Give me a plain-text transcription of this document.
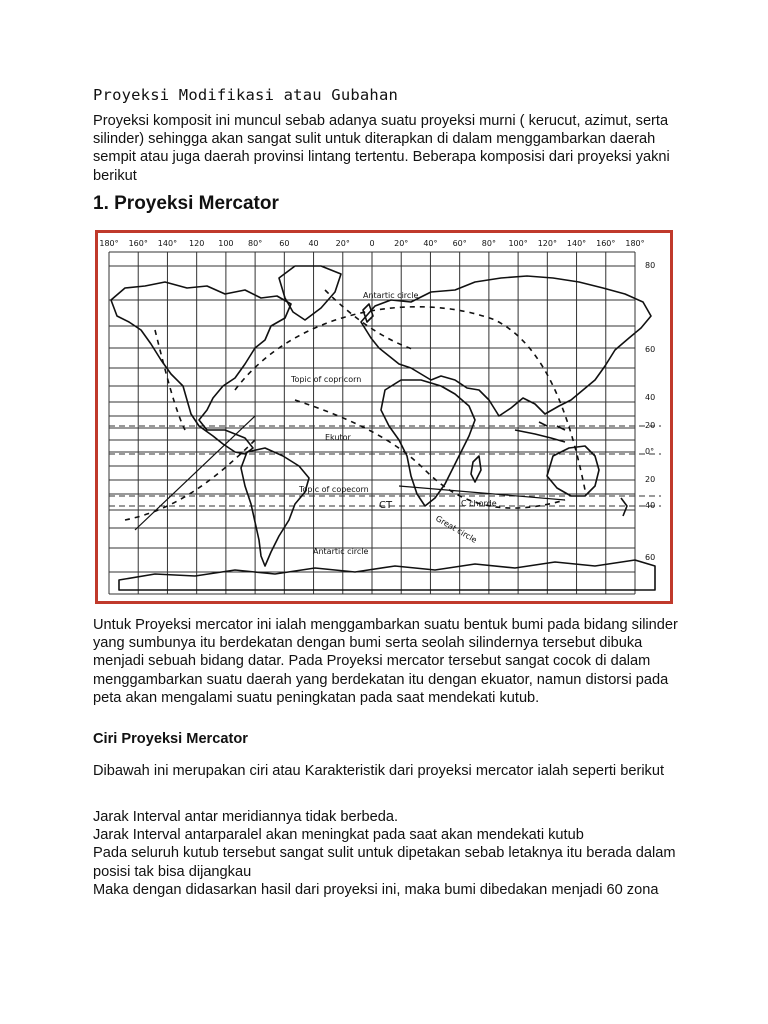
Proyeksi Modifikasi atau Gubahan

Proyeksi komposit ini muncul sebab adanya suatu proyeksi murni ( kerucut, azimut, serta silinder) sehingga akan sangat sulit untuk diterapkan di dalam menggambarkan daerah sempit atau juga daerah provinsi lintang tertentu. Beberapa komposisi dari proyeksi yakni berikut

1. Proyeksi Mercator
180° 160° 140° 120 100 80° 60 40 20° 0 20° 40° 60° 80° 100° 120° 140° 160° 180°
80
60
40
20
0°
20
40
60
Antartic circle
Topic of copricorn
Ekutor
Topic of copecorn
CT	C chorde
Great circle
Antartic circle

Untuk Proyeksi mercator ini ialah menggambarkan suatu bentuk bumi pada bidang silinder yang sumbunya itu berdekatan dengan bumi serta seolah silindernya tersebut dibuka menjadi sebuah bidang datar. Pada Proyeksi mercator tersebut sangat cocok di dalam menggambarkan suatu daerah yang berdekatan itu dengan ekuator, namun distorsi pada peta akan mengalami suatu peningkatan pada saat mendekati kutub.

Ciri Proyeksi Mercator

Dibawah ini merupakan ciri atau Karakteristik dari proyeksi mercator ialah seperti berikut

Jarak Interval antar meridiannya tidak berbeda.
Jarak Interval antarparalel akan meningkat pada saat akan mendekati kutub
Pada seluruh kutub tersebut sangat sulit untuk dipetakan sebab letaknya itu berada dalam posisi tak bisa dijangkau
Maka dengan didasarkan hasil dari proyeksi ini, maka bumi dibedakan menjadi 60 zona
